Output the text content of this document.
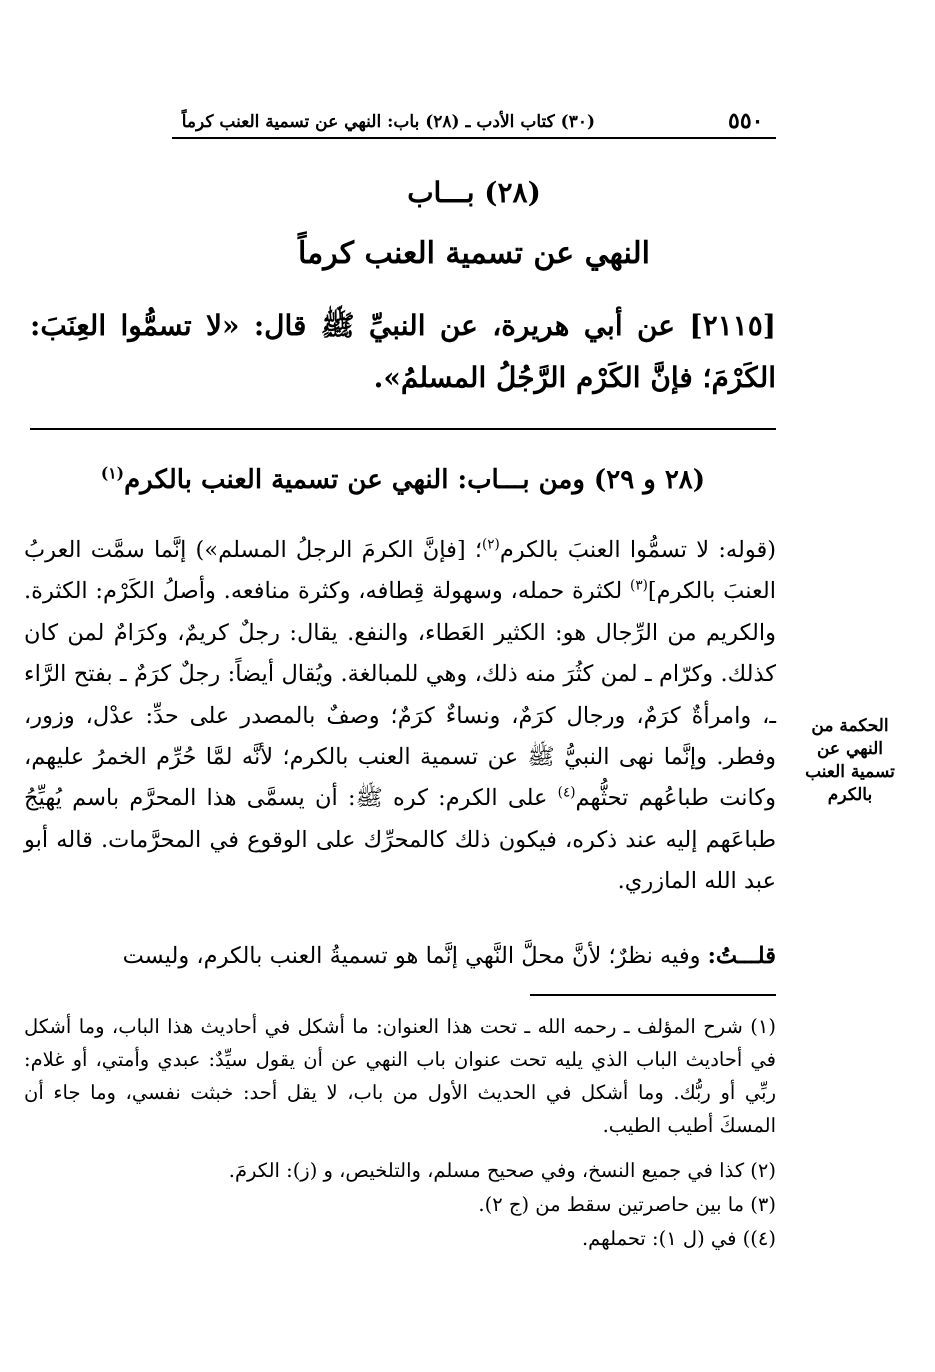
(٣٠) كتاب الأدب ـ (٢٨) باب: النهي عن تسمية العنب كرماً	٥٥٠
(٢٨) بـــاب
النهي عن تسمية العنب كرماً
[٢١١٥] عن أبي هريرة، عن النبيِّ ﷺ قال: «لا تسمُّوا العِنَبَ: الكَرْمَ؛ فإنَّ الكَرْم الرَّجُلُ المسلمُ».
(٢٨ و ٢٩) ومن بـــاب: النهي عن تسمية العنب بالكرم$^{(١)}$
(قوله: لا تسمُّوا العنبَ بالكرم$^{(٢)}$؛ [فإنَّ الكرمَ الرجلُ المسلم») إنَّما سمَّت العربُ العنبَ بالكرم]$^{(٣)}$ لكثرة حمله، وسهولة قِطافه، وكثرة منافعه. وأصلُ الكَرْم: الكثرة. والكريم من الرِّجال هو: الكثير العَطاء، والنفع. يقال: رجلٌ كريمٌ، وكرَامٌ لمن كان كذلك. وكرّام ـ لمن كثُرَ منه ذلك، وهي للمبالغة. ويُقال أيضاً: رجلٌ كرَمٌ ـ بفتح الرَّاء ـ، وامرأةٌ كرَمٌ، ورجال كرَمٌ، ونساءٌ كرَمٌ؛ وصفٌ بالمصدر على حدِّ: عدْل، وزور، وفطر. وإنَّما نهى النبيُّ ﷺ عن تسمية العنب بالكرم؛ لأنَّه لمَّا حُرِّم الخمرُ عليهم، وكانت طباعُهم تحثُّهم$^{(٤)}$ على الكرم: كره ﷺ: أن يسمَّى هذا المحرَّم باسم يُهيِّجُ طباعَهم إليه عند ذكره، فيكون ذلك كالمحرِّك على الوقوع في المحرَّمات. قاله أبو عبد الله المازري.
قلـــتُ: وفيه نظرٌ؛ لأنَّ محلَّ النَّهي إنَّما هو تسميةُ العنب بالكرم، وليست
الحكمة من النهي عن تسمية العنب بالكرم
(١) شرح المؤلف ـ رحمه الله ـ تحت هذا العنوان: ما أشكل في أحاديث هذا الباب، وما أشكل في أحاديث الباب الذي يليه تحت عنوان باب النهي عن أن يقول سيِّدٌ: عبدي وأمتي، أو غلام: ربِّي أو ربُّك. وما أشكل في الحديث الأول من باب، لا يقل أحد: خبثت نفسي، وما جاء أن المسكَ أطيب الطيب.
(٢) كذا في جميع النسخ، وفي صحيح مسلم، والتلخيص، و (ز): الكرمَ.
(٣) ما بين حاصرتين سقط من (ج ٢).
(٤)) في (ل ١): تحملهم.
